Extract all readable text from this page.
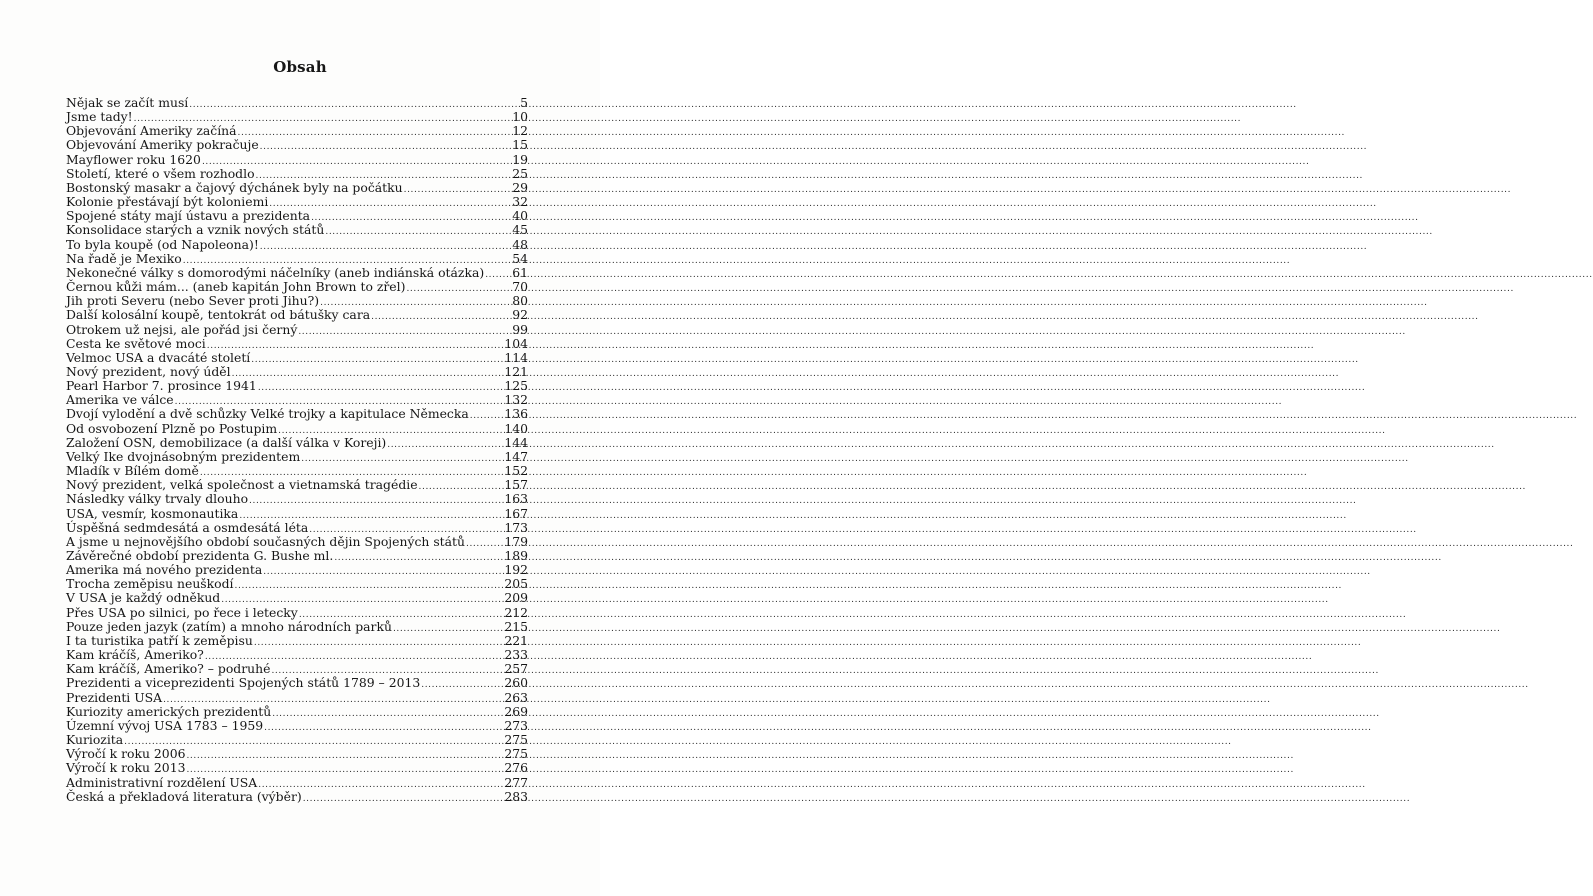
Obsah
Nějak se začít musí .....	5
Jsme tady! .....	10
Objevování Ameriky začíná .....	12
Objevování Ameriky pokračuje .....	15
Mayflower roku 1620 .....	19
Století, které o všem rozhodlo .....	25
Bostonský masakr a čajový dýchánek byly na počátku .....	29
Kolonie přestávají být koloniemi .....	32
Spojené státy mají ústavu a prezidenta .....	40
Konsolidace starých a vznik nových států .....	45
To byla koupě (od Napoleona)! .....	48
Na řadě je Mexiko .....	54
Nekonečné války s domorodými náčelníky (aneb indiánská otázka) ..... 61
Černou kůži mám... (aneb kapitán John Brown to zřel) .....	70
Jih proti Severu (nebo Sever proti Jihu?) .....	80
Další kolosální koupě, tentokrát od bátušky cara .....	92
Otrokem už nejsi, ale pořád jsi černý .....	99
Cesta ke světové moci .....	104
Velmoc USA a dvacáté století .....	114
Nový prezident, nový úděl .....	121
Pearl Harbor 7. prosince 1941 .....	125
Amerika ve válce .....	132
Dvojí vylodění a dvě schůzky Velké trojky a kapitulace Německa .....	136
Od osvobození Plzně po Postupim .....	140
Založení OSN, demobilizace (a další válka v Koreji) .....	144
Velký Ike dvojnásobným prezidentem .....	147
Mladík v Bílém domě .....	152
Nový prezident, velká společnost a vietnamská tragédie .....	157
Následky války trvaly dlouho .....	163
USA, vesmír, kosmonautika .....	167
Úspěšná sedmdesátá a osmdesátá léta .....	173
A jsme u nejnovějšího období současných dějin Spojených států .....	179
Závěrečné období prezidenta G. Bushe ml. .....	189
Amerika má nového prezidenta .....	192
Trocha zeměpisu neuškodí .....	205
V USA je každý odněkud .....	209
Přes USA po silnici, po řece i letecky .....	212
Pouze jeden jazyk (zatím) a mnoho národních parků .....	215
I ta turistika patří k zeměpisu .....	221
Kam kráčíš, Ameriko? .....	233
Kam kráčíš, Ameriko? – podruhé .....	257
Prezidenti a viceprezidenti Spojených států 1789 – 2013 .....	260
Prezidenti USA .....	263
Kuriozity amerických prezidentů .....	269
Územní vývoj USA 1783 – 1959 .....	273
Kuriozita .....	275
Výročí k roku 2006 .....	275
Výročí k roku 2013 .....	276
Administrativní rozdělení USA .....	277
Česká a překladová literatura (výběr) .....	283
